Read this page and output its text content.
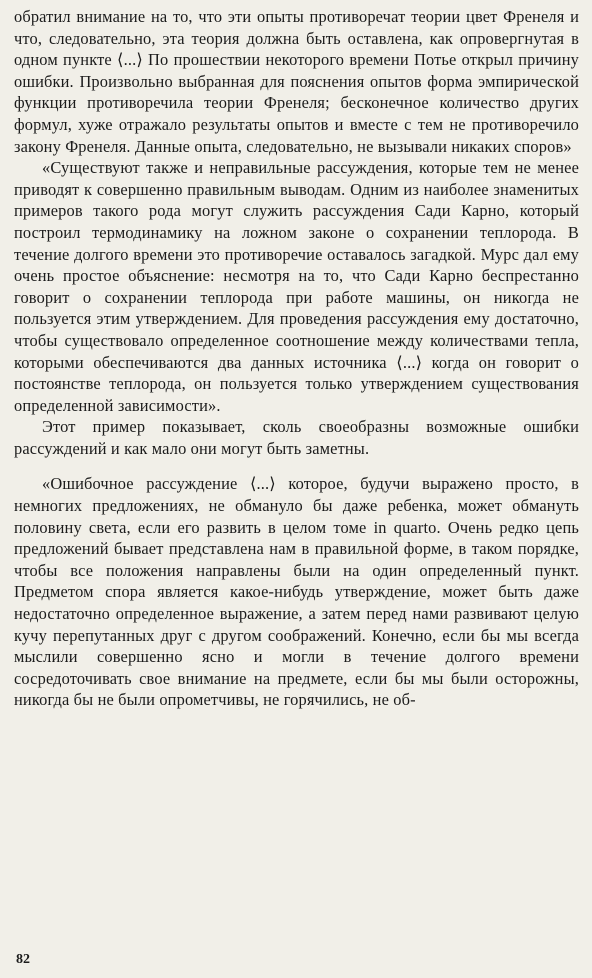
обратил внимание на то, что эти опыты противоречат теории цвет Френеля и что, следовательно, эта теория должна быть оставлена, как опровергнутая в одном пункте ⟨...⟩ По прошествии некоторого времени Потье открыл причину ошибки. Произвольно выбранная для пояснения опытов форма эмпирической функции противоречила теории Френеля; бесконечное количество других формул, хуже отражало результаты опытов и вместе с тем не противоречило закону Френеля. Данные опыта, следовательно, не вызывали никаких споров»

«Существуют также и неправильные рассуждения, которые тем не менее приводят к совершенно правильным выводам. Одним из наиболее знаменитых примеров такого рода могут служить рассуждения Сади Карно, который построил термодинамику на ложном законе о сохранении теплорода. В течение долгого времени это противоречие оставалось загадкой. Мурс дал ему очень простое объяснение: несмотря на то, что Сади Карно беспрестанно говорит о сохранении теплорода при работе машины, он никогда не пользуется этим утверждением. Для проведения рассуждения ему достаточно, чтобы существовало определенное соотношение между количествами тепла, которыми обеспечиваются два данных источника ⟨...⟩ когда он говорит о постоянстве теплорода, он пользуется только утверждением существования определенной зависимости».

Этот пример показывает, сколь своеобразны возможные ошибки рассуждений и как мало они могут быть заметны.

«Ошибочное рассуждение ⟨...⟩ которое, будучи выражено просто, в немногих предложениях, не обмануло бы даже ребенка, может обмануть половину света, если его развить в целом томе in quarto. Очень редко цепь предложений бывает представлена нам в правильной форме, в таком порядке, чтобы все положения направлены были на один определенный пункт. Предметом спора является какое-нибудь утверждение, может быть даже недостаточно определенное выражение, а затем перед нами развивают целую кучу перепутанных друг с другом соображений. Конечно, если бы мы всегда мыслили совершенно ясно и могли в течение долгого времени сосредоточивать свое внимание на предмете, если бы мы были осторожны, никогда бы не были опрометчивы, не горячились, не об-

82
